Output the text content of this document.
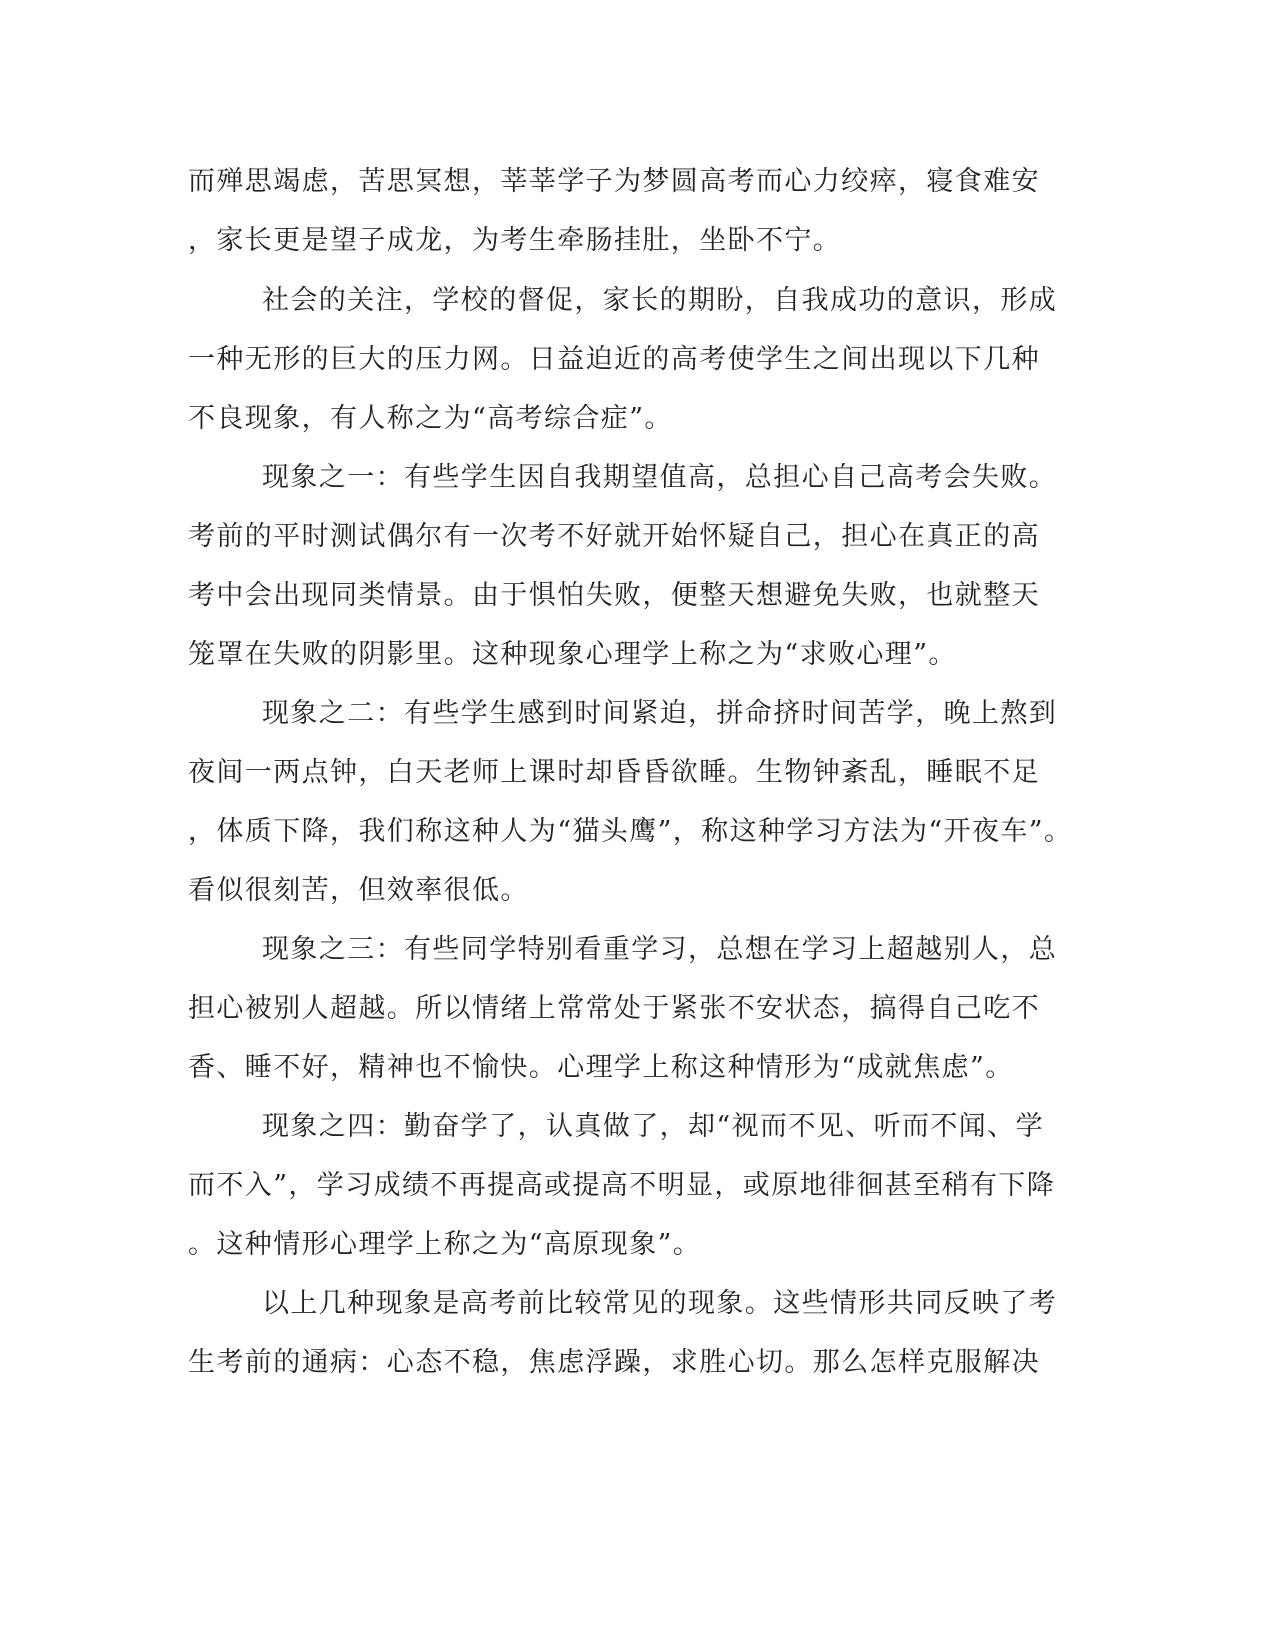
而殚思竭虑，苦思冥想，莘莘学子为梦圆高考而心力绞瘁，寝食难安

，家长更是望子成龙，为考生牵肠挂肚，坐卧不宁。

社会的关注，学校的督促，家长的期盼，自我成功的意识，形成

一种无形的巨大的压力网。日益迫近的高考使学生之间出现以下几种

不良现象，有人称之为“高考综合症”。

现象之一：有些学生因自我期望值高，总担心自己高考会失败。

考前的平时测试偶尔有一次考不好就开始怀疑自己，担心在真正的高

考中会出现同类情景。由于惧怕失败，便整天想避免失败，也就整天

笼罩在失败的阴影里。这种现象心理学上称之为“求败心理”。

现象之二：有些学生感到时间紧迫，拼命挤时间苦学，晚上熬到

夜间一两点钟，白天老师上课时却昏昏欲睡。生物钟紊乱，睡眠不足

，体质下降，我们称这种人为“猫头鹰”，称这种学习方法为“开夜车”。

看似很刻苦，但效率很低。

现象之三：有些同学特别看重学习，总想在学习上超越别人，总

担心被别人超越。所以情绪上常常处于紧张不安状态，搞得自己吃不

香、睡不好，精神也不愉快。心理学上称这种情形为“成就焦虑”。

现象之四：勤奋学了，认真做了，却“视而不见、听而不闻、学

而不入”，学习成绩不再提高或提高不明显，或原地徘徊甚至稍有下降

。这种情形心理学上称之为“高原现象”。

以上几种现象是高考前比较常见的现象。这些情形共同反映了考

生考前的通病：心态不稳，焦虑浮躁，求胜心切。那么怎样克服解决
